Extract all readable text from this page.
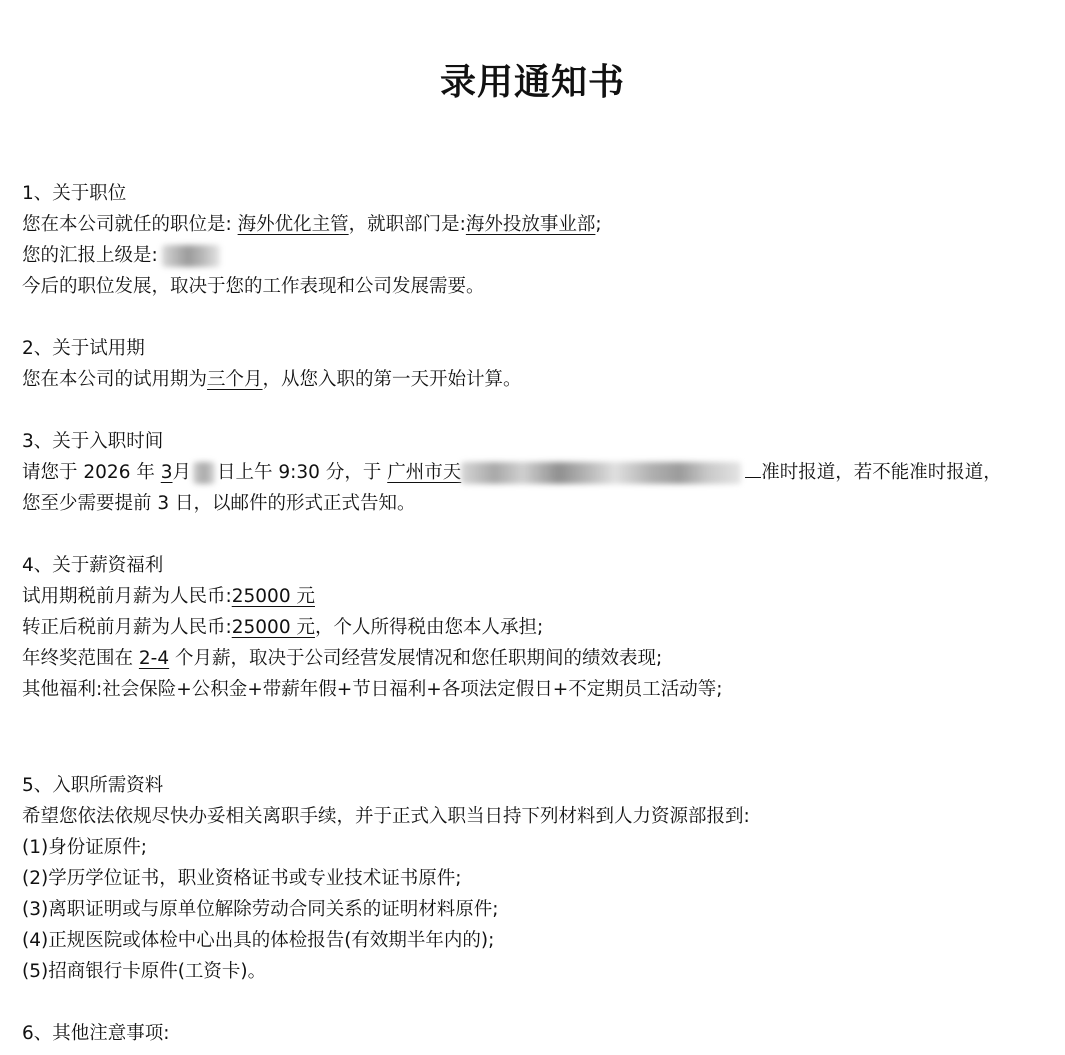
录用通知书
1、关于职位
您在本公司就任的职位是: 海外优化主管，就职部门是:海外投放事业部;
您的汇报上级是:
今后的职位发展，取决于您的工作表现和公司发展需要。
2、关于试用期
您在本公司的试用期为三个月，从您入职的第一天开始计算。
3、关于入职时间
请您于 2026 年 3月 日上午 9:30 分，于 广州市天	准时报道，若不能准时报道，
您至少需要提前 3 日，以邮件的形式正式告知。
4、关于薪资福利
试用期税前月薪为人民币:25000 元
转正后税前月薪为人民币:25000 元，个人所得税由您本人承担;
年终奖范围在 2-4 个月薪，取决于公司经营发展情况和您任职期间的绩效表现;
其他福利:社会保险+公积金+带薪年假+节日福利+各项法定假日+不定期员工活动等;
5、入职所需资料
希望您依法依规尽快办妥相关离职手续，并于正式入职当日持下列材料到人力资源部报到:
(1)身份证原件;
(2)学历学位证书，职业资格证书或专业技术证书原件;
(3)离职证明或与原单位解除劳动合同关系的证明材料原件;
(4)正规医院或体检中心出具的体检报告(有效期半年内的);
(5)招商银行卡原件(工资卡)。
6、其他注意事项:
